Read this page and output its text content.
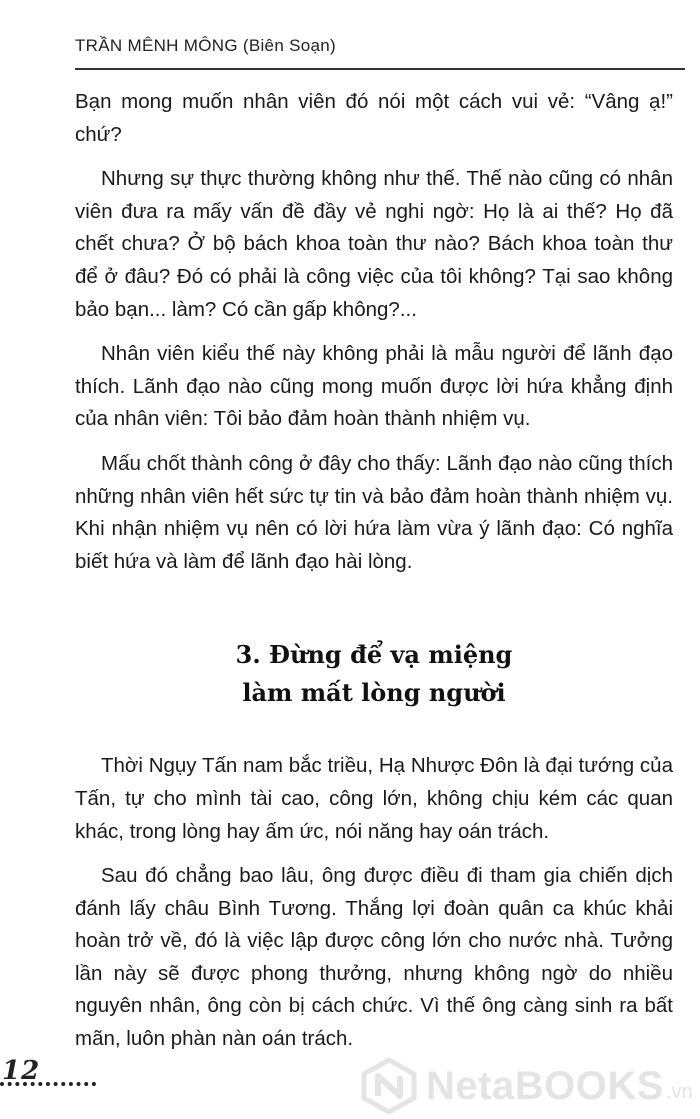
TRẦN MÊNH MÔNG (Biên Soạn)

Bạn mong muốn nhân viên đó nói một cách vui vẻ: “Vâng ạ!” chứ?

Nhưng sự thực thường không như thế. Thế nào cũng có nhân viên đưa ra mấy vấn đề đầy vẻ nghi ngờ: Họ là ai thế? Họ đã chết chưa? Ở bộ bách khoa toàn thư nào? Bách khoa toàn thư để ở đâu? Đó có phải là công việc của tôi không? Tại sao không bảo bạn... làm? Có cần gấp không?...

Nhân viên kiểu thế này không phải là mẫu người để lãnh đạo thích. Lãnh đạo nào cũng mong muốn được lời hứa khẳng định của nhân viên: Tôi bảo đảm hoàn thành nhiệm vụ.

Mấu chốt thành công ở đây cho thấy: Lãnh đạo nào cũng thích những nhân viên hết sức tự tin và bảo đảm hoàn thành nhiệm vụ. Khi nhận nhiệm vụ nên có lời hứa làm vừa ý lãnh đạo: Có nghĩa biết hứa và làm để lãnh đạo hài lòng.

3. Đừng để vạ miệng
làm mất lòng người

Thời Ngụy Tấn nam bắc triều, Hạ Nhược Đôn là đại tướng của Tấn, tự cho mình tài cao, công lớn, không chịu kém các quan khác, trong lòng hay ấm ức, nói năng hay oán trách.

Sau đó chẳng bao lâu, ông được điều đi tham gia chiến dịch đánh lấy châu Bình Tương. Thắng lợi đoàn quân ca khúc khải hoàn trở về, đó là việc lập được công lớn cho nước nhà. Tưởng lần này sẽ được phong thưởng, nhưng không ngờ do nhiều nguyên nhân, ông còn bị cách chức. Vì thế ông càng sinh ra bất mãn, luôn phàn nàn oán trách.

12	NetaBOOKS .vn
